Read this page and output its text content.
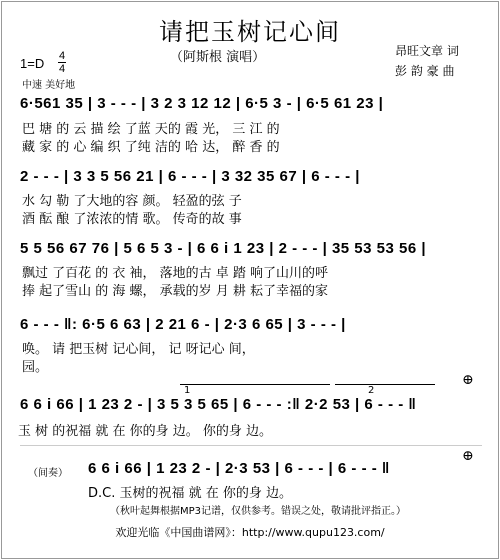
请把玉树记心间
（阿斯根 演唱）	昂旺文章 词
彭 韵 豪 曲
1=D 4
4
中速 美好地
6·561 35 | 3 - - - | 3 2 3 12 12 | 6·5 3 - | 6·5 61 23 |
巴 塘 的 云 描 绘 了蓝 天的 霞 光， 三 江 的
藏 家 的 心 编 织 了纯 洁的 哈 达， 醉 香 的
2 - - - | 3 3 5 56 21 | 6 - - - | 3 32 35 67 | 6 - - - |
水 勾 勒 了大地的容 颜。 轻盈的弦 子
酒 酝 酿 了浓浓的情 歌。 传奇的故 事
5 5 56 67 76 | 5 6 5 3 - | 6 6 i 1 23 | 2 - - - | 35 53 53 56 |
飘过 了百花 的 衣 袖， 落地的古 卓 踏 响了山川的呼
捧 起了雪山 的 海 螺， 承载的岁 月 耕 耘了幸福的家
6 - - - ‖: 6·5 6 63 | 2 21 6 - | 2·3 6 65 | 3 - - - |
唤。 请 把玉树 记心间， 记 呀记心 间，
园。
1	2
⊕
6 6 i 66 | 1 23 2 - | 3 5 3 5 65 | 6 - - - :‖ 2·2 53 | 6 - - - ‖
玉 树 的祝福 就 在 你的身 边。 你的身 边。
（间奏） 6 6 i 66 | 1 23 2 - | 2·3 53 | 6 - - - | 6 - - - ‖
⊕
D.C. 玉树的祝福 就 在 你的身 边。
（秋叶起舞根据MP3记谱，仅供参考。错误之处，敬请批评指正。）
欢迎光临《中国曲谱网》：http://www.qupu123.com/
